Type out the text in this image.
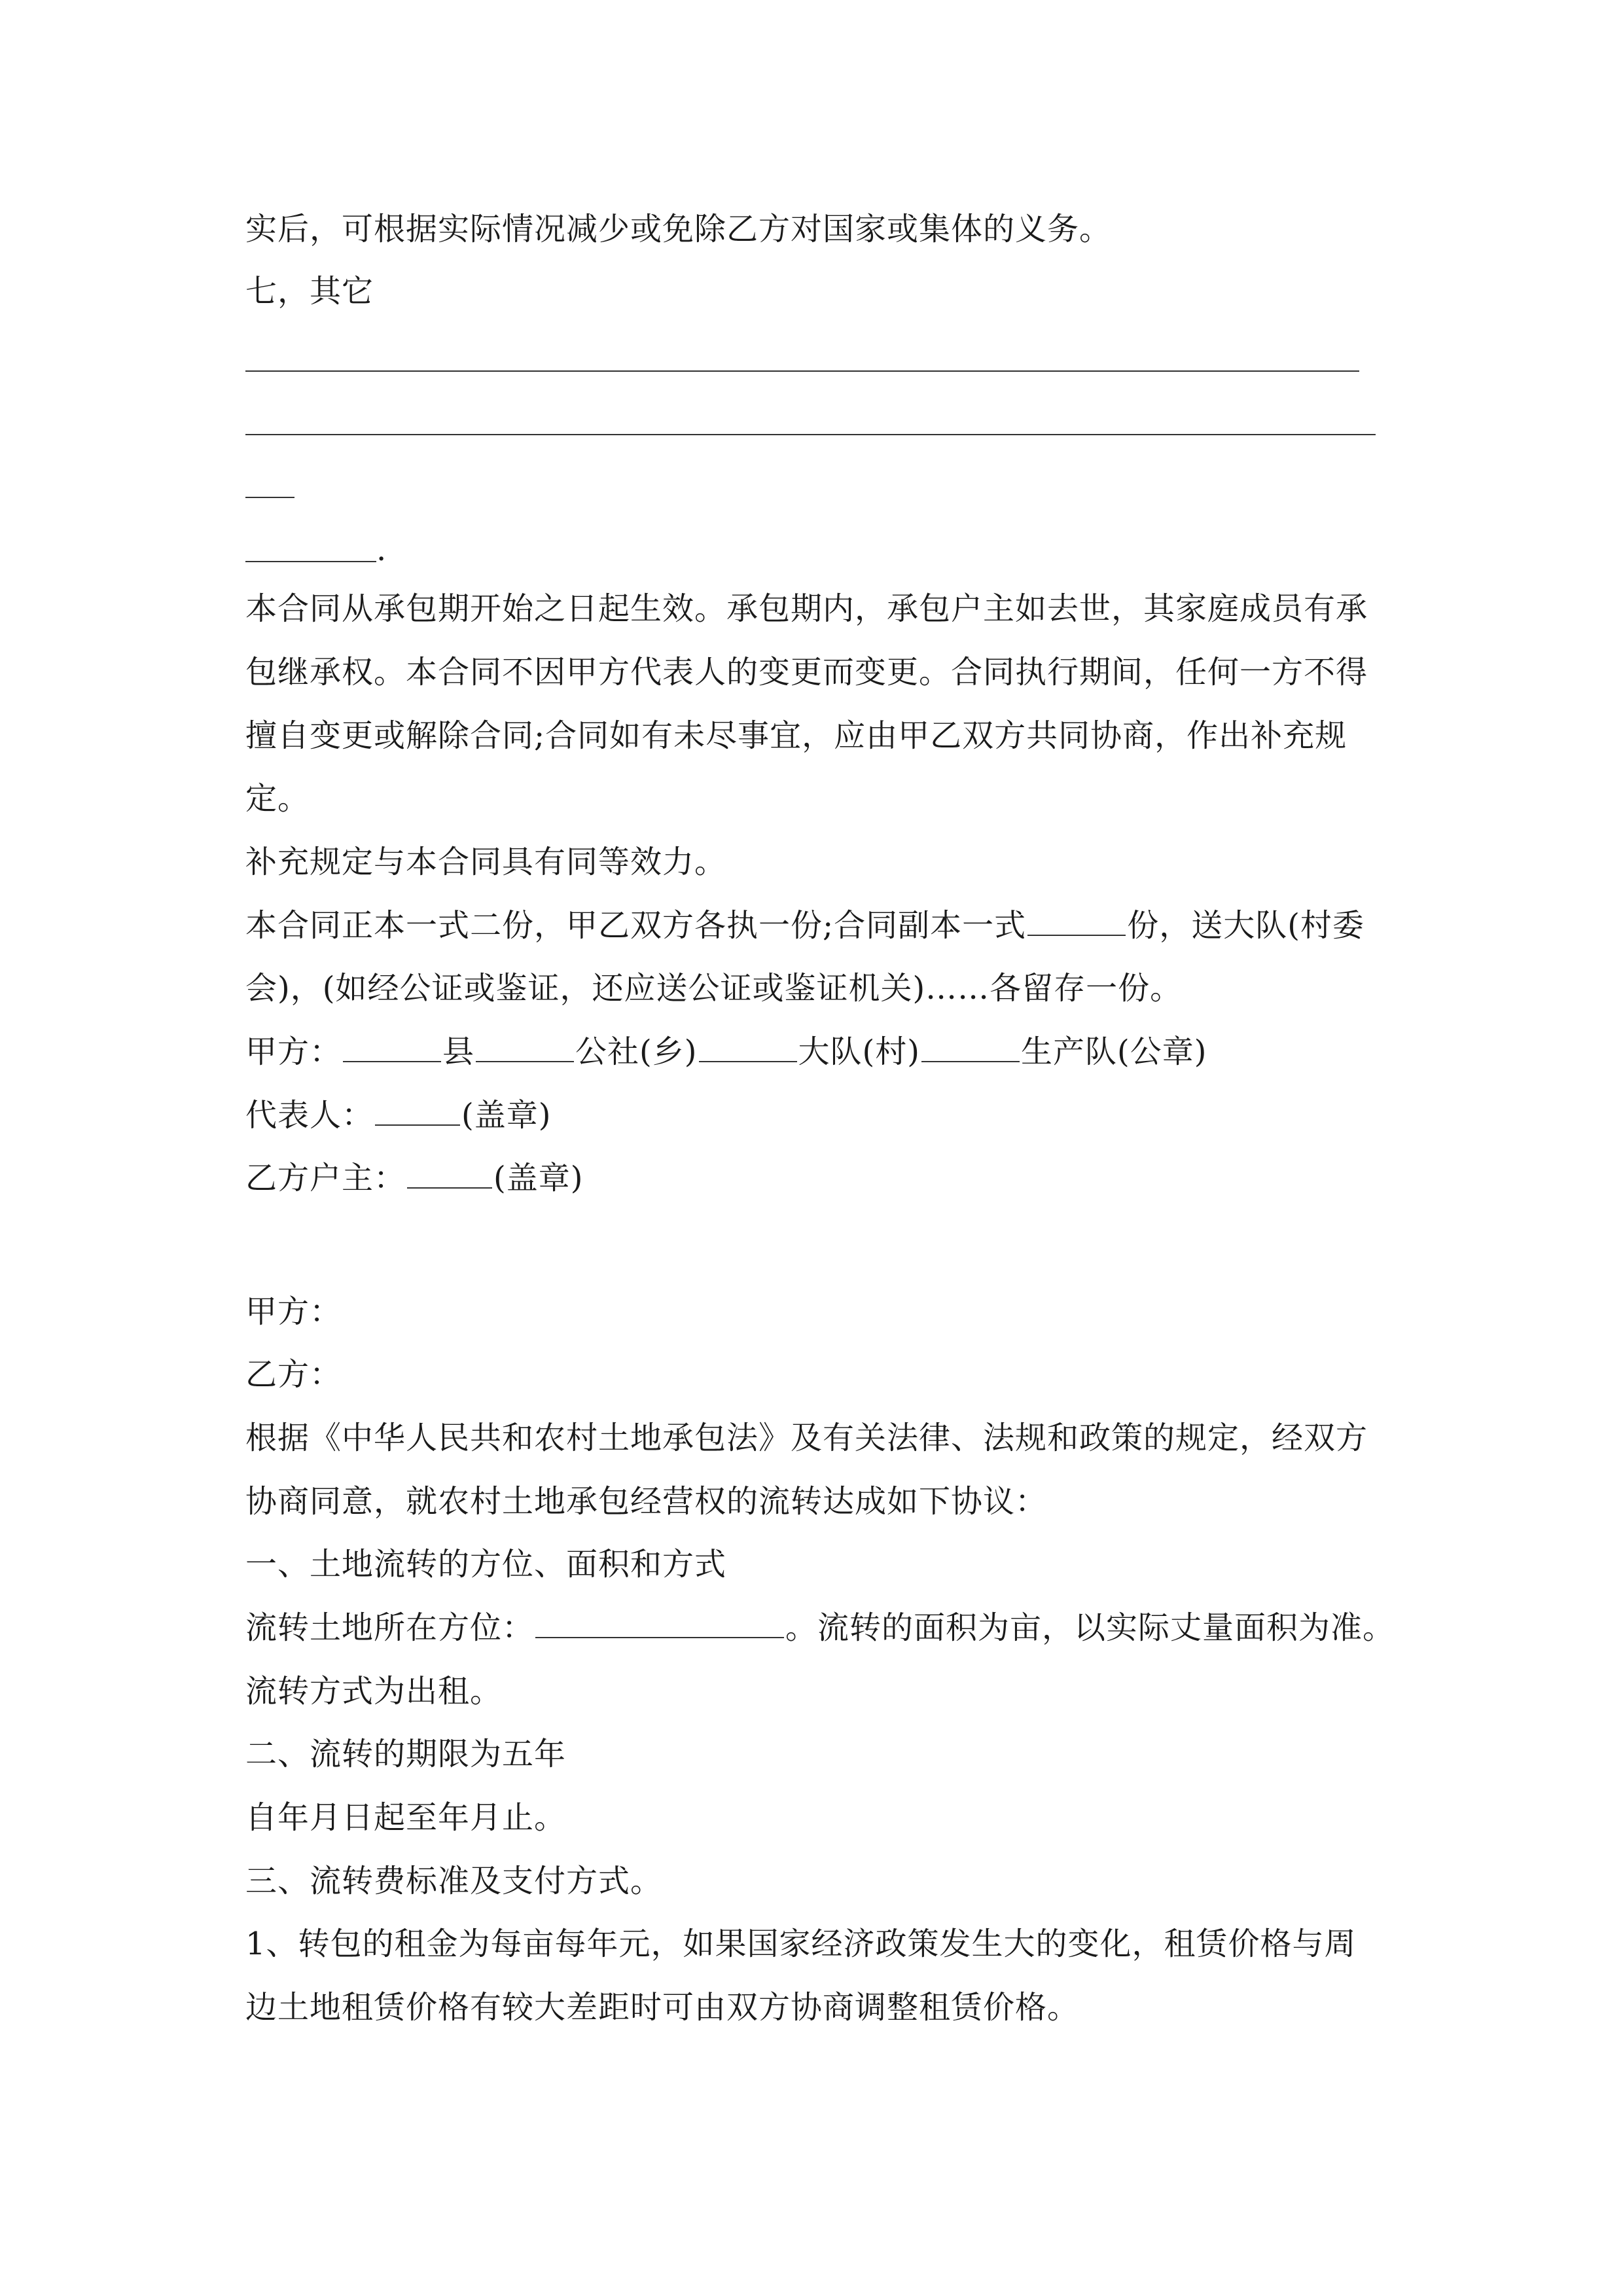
实后，可根据实际情况减少或免除乙方对国家或集体的义务。
七，其它
.
本合同从承包期开始之日起生效。承包期内，承包户主如去世，其家庭成员有承
包继承权。本合同不因甲方代表人的变更而变更。合同执行期间，任何一方不得
擅自变更或解除合同;合同如有未尽事宜，应由甲乙双方共同协商，作出补充规
定。
补充规定与本合同具有同等效力。
本合同正本一式二份，甲乙双方各执一份;合同副本一式	份，送大队(村委
会)，(如经公证或鉴证，还应送公证或鉴证机关)……各留存一份。
甲方：	县	公社(乡)	大队(村)	生产队(公章)
代表人：	(盖章)
乙方户主：	(盖章)
甲方：
乙方：
根据《中华人民共和农村土地承包法》及有关法律、法规和政策的规定，经双方
协商同意，就农村土地承包经营权的流转达成如下协议：
一、土地流转的方位、面积和方式
流转土地所在方位：	。流转的面积为亩，以实际丈量面积为准。
流转方式为出租。
二、流转的期限为五年
自年月日起至年月止。
三、流转费标准及支付方式。
1、转包的租金为每亩每年元，如果国家经济政策发生大的变化，租赁价格与周
边土地租赁价格有较大差距时可由双方协商调整租赁价格。
